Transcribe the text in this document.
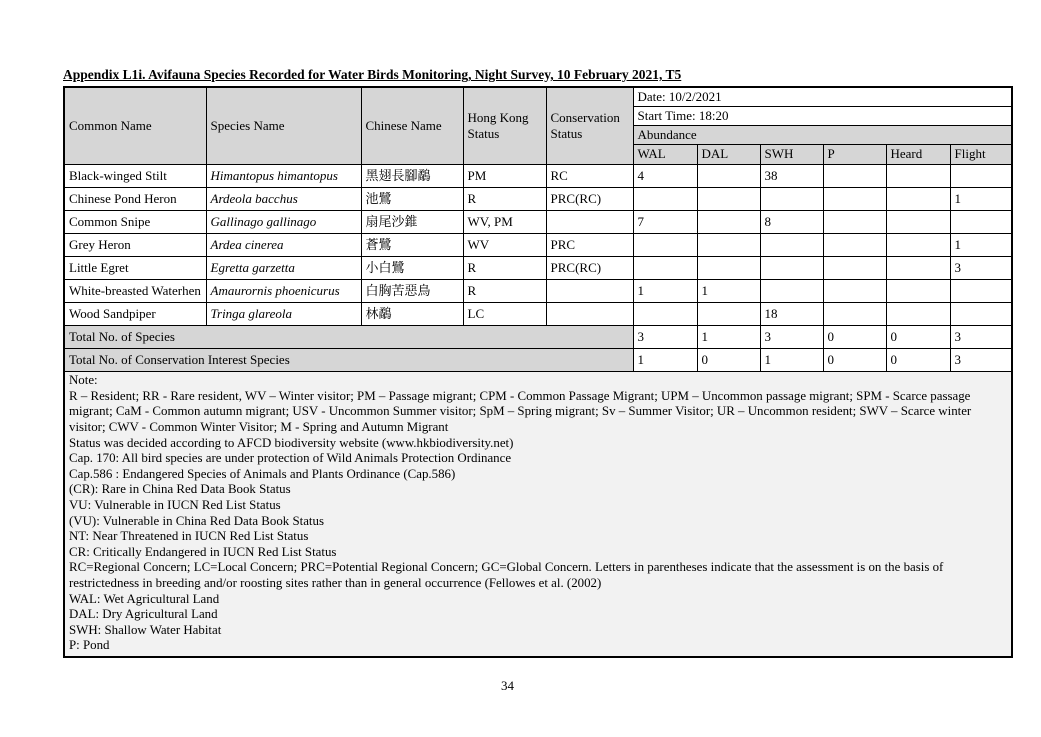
Appendix L1i. Avifauna Species Recorded for Water Birds Monitoring, Night Survey, 10 February 2021, T5
Common Name	Species Name	Chinese Name	Hong Kong Status	Conservation Status	Date: 10/2/2021					
					Start Time: 18:20					
					Abundance					
					WAL	DAL	SWH	P	Heard	Flight
Black-winged Stilt	Himantopus himantopus	黑翅長腳鷸	PM	RC	4		38			
Chinese Pond Heron	Ardeola bacchus	池鷺	R	PRC(RC)						1
Common Snipe	Gallinago gallinago	扇尾沙錐	WV, PM		7		8			
Grey Heron	Ardea cinerea	蒼鷺	WV	PRC						1
Little Egret	Egretta garzetta	小白鷺	R	PRC(RC)						3
White-breasted Waterhen	Amaurornis phoenicurus	白胸苦惡鳥	R		1	1				
Wood Sandpiper	Tringa glareola	林鷸	LC				18			
Total No. of Species					3	1	3	0	0	3
Total No. of Conservation Interest Species					1	0	1	0	0	3

Note:
R – Resident; RR - Rare resident, WV – Winter visitor; PM – Passage migrant; CPM - Common Passage Migrant; UPM – Uncommon passage migrant; SPM - Scarce passage migrant; CaM - Common autumn migrant; USV - Uncommon Summer visitor; SpM – Spring migrant; Sv – Summer Visitor; UR – Uncommon resident; SWV – Scarce winter visitor; CWV - Common Winter Visitor; M - Spring and Autumn Migrant
Status was decided according to AFCD biodiversity website (www.hkbiodiversity.net)
Cap. 170: All bird species are under protection of Wild Animals Protection Ordinance
Cap.586 : Endangered Species of Animals and Plants Ordinance (Cap.586)
(CR): Rare in China Red Data Book Status
VU: Vulnerable in IUCN Red List Status
(VU): Vulnerable in China Red Data Book Status
NT: Near Threatened in IUCN Red List Status
CR: Critically Endangered in IUCN Red List Status
RC=Regional Concern; LC=Local Concern; PRC=Potential Regional Concern; GC=Global Concern. Letters in parentheses indicate that the assessment is on the basis of restrictedness in breeding and/or roosting sites rather than in general occurrence (Fellowes et al. (2002)
WAL: Wet Agricultural Land
DAL: Dry Agricultural Land
SWH: Shallow Water Habitat
P: Pond
34
